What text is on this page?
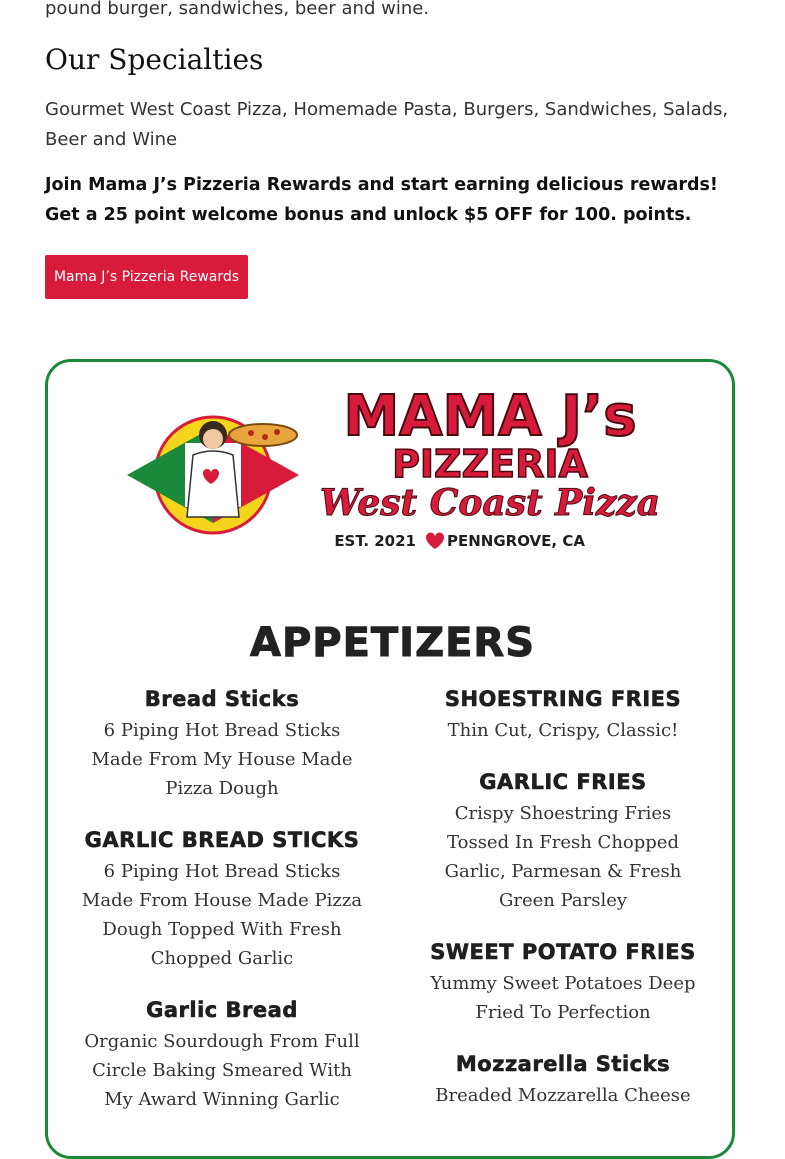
pound burger, sandwiches, beer and wine.

Our Specialties

Gourmet West Coast Pizza, Homemade Pasta, Burgers, Sandwiches, Salads, Beer and Wine

Join Mama J’s Pizzeria Rewards and start earning delicious rewards! Get a 25 point welcome bonus and unlock $5 OFF for 100. points.

Mama J’s Pizzeria Rewards
MAMA J’s
PIZZERIA
West Coast Pizza
EST. 2021 PENNGROVE, CA
APPETIZERS
Bread Sticks

6 Piping Hot Bread Sticks Made From My House Made Pizza Dough

GARLIC BREAD STICKS

6 Piping Hot Bread Sticks Made From House Made Pizza Dough Topped With Fresh Chopped Garlic

Garlic Bread

Organic Sourdough From Full Circle Baking Smeared With My Award Winning Garlic

SHOESTRING FRIES

Thin Cut, Crispy, Classic!

GARLIC FRIES

Crispy Shoestring Fries Tossed In Fresh Chopped Garlic, Parmesan & Fresh Green Parsley

SWEET POTATO FRIES

Yummy Sweet Potatoes Deep Fried To Perfection

Mozzarella Sticks

Breaded Mozzarella Cheese
